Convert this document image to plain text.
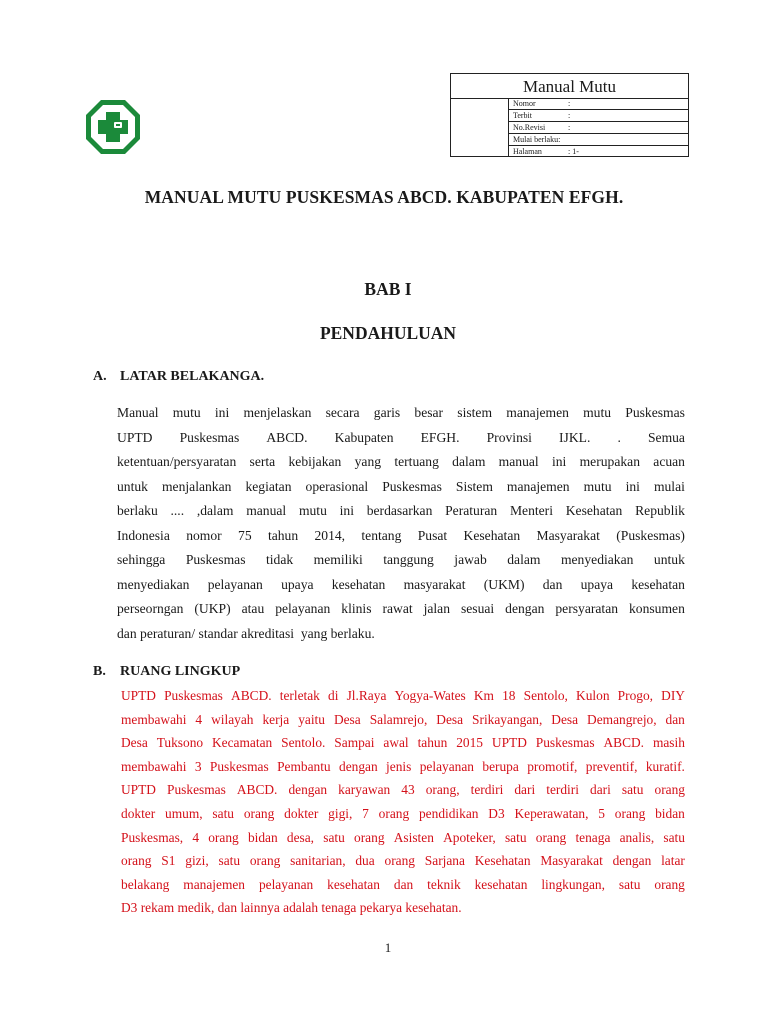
Manual Mutu
Nomor	:
Terbit	:
No.Revisi	:
Mulai berlaku:
Halaman	: 1-
MANUAL MUTU PUSKESMAS ABCD. KABUPATEN EFGH.
BAB I
PENDAHULUAN
A. LATAR BELAKANGA.
Manual mutu ini menjelaskan secara garis besar sistem manajemen mutu Puskesmas
UPTD Puskesmas ABCD. Kabupaten EFGH. Provinsi IJKL. . Semua
ketentuan/persyaratan serta kebijakan yang tertuang dalam manual ini merupakan acuan
untuk menjalankan kegiatan operasional Puskesmas Sistem manajemen mutu ini mulai
berlaku .... ,dalam manual mutu ini berdasarkan Peraturan Menteri Kesehatan Republik
Indonesia nomor 75 tahun 2014, tentang Pusat Kesehatan Masyarakat (Puskesmas)
sehingga Puskesmas tidak memiliki tanggung jawab dalam menyediakan untuk
menyediakan pelayanan upaya kesehatan masyarakat (UKM) dan upaya kesehatan
perseorngan (UKP) atau pelayanan klinis rawat jalan sesuai dengan persyaratan konsumen
dan peraturan/ standar akreditasi  yang berlaku.
B. RUANG LINGKUP
UPTD Puskesmas ABCD. terletak di Jl.Raya Yogya-Wates Km 18 Sentolo, Kulon Progo, DIY
membawahi 4 wilayah kerja yaitu Desa Salamrejo, Desa Srikayangan, Desa Demangrejo, dan
Desa Tuksono Kecamatan Sentolo. Sampai awal tahun 2015 UPTD Puskesmas ABCD. masih
membawahi 3 Puskesmas Pembantu dengan jenis pelayanan berupa promotif, preventif, kuratif.
UPTD Puskesmas ABCD. dengan karyawan 43 orang, terdiri dari terdiri dari satu orang
dokter umum, satu orang dokter gigi, 7 orang pendidikan D3 Keperawatan, 5 orang bidan
Puskesmas, 4 orang bidan desa, satu orang Asisten Apoteker, satu orang tenaga analis, satu
orang S1 gizi, satu orang sanitarian, dua orang Sarjana Kesehatan Masyarakat dengan latar
belakang manajemen pelayanan kesehatan dan teknik kesehatan lingkungan, satu orang
D3 rekam medik, dan lainnya adalah tenaga pekarya kesehatan.
1
